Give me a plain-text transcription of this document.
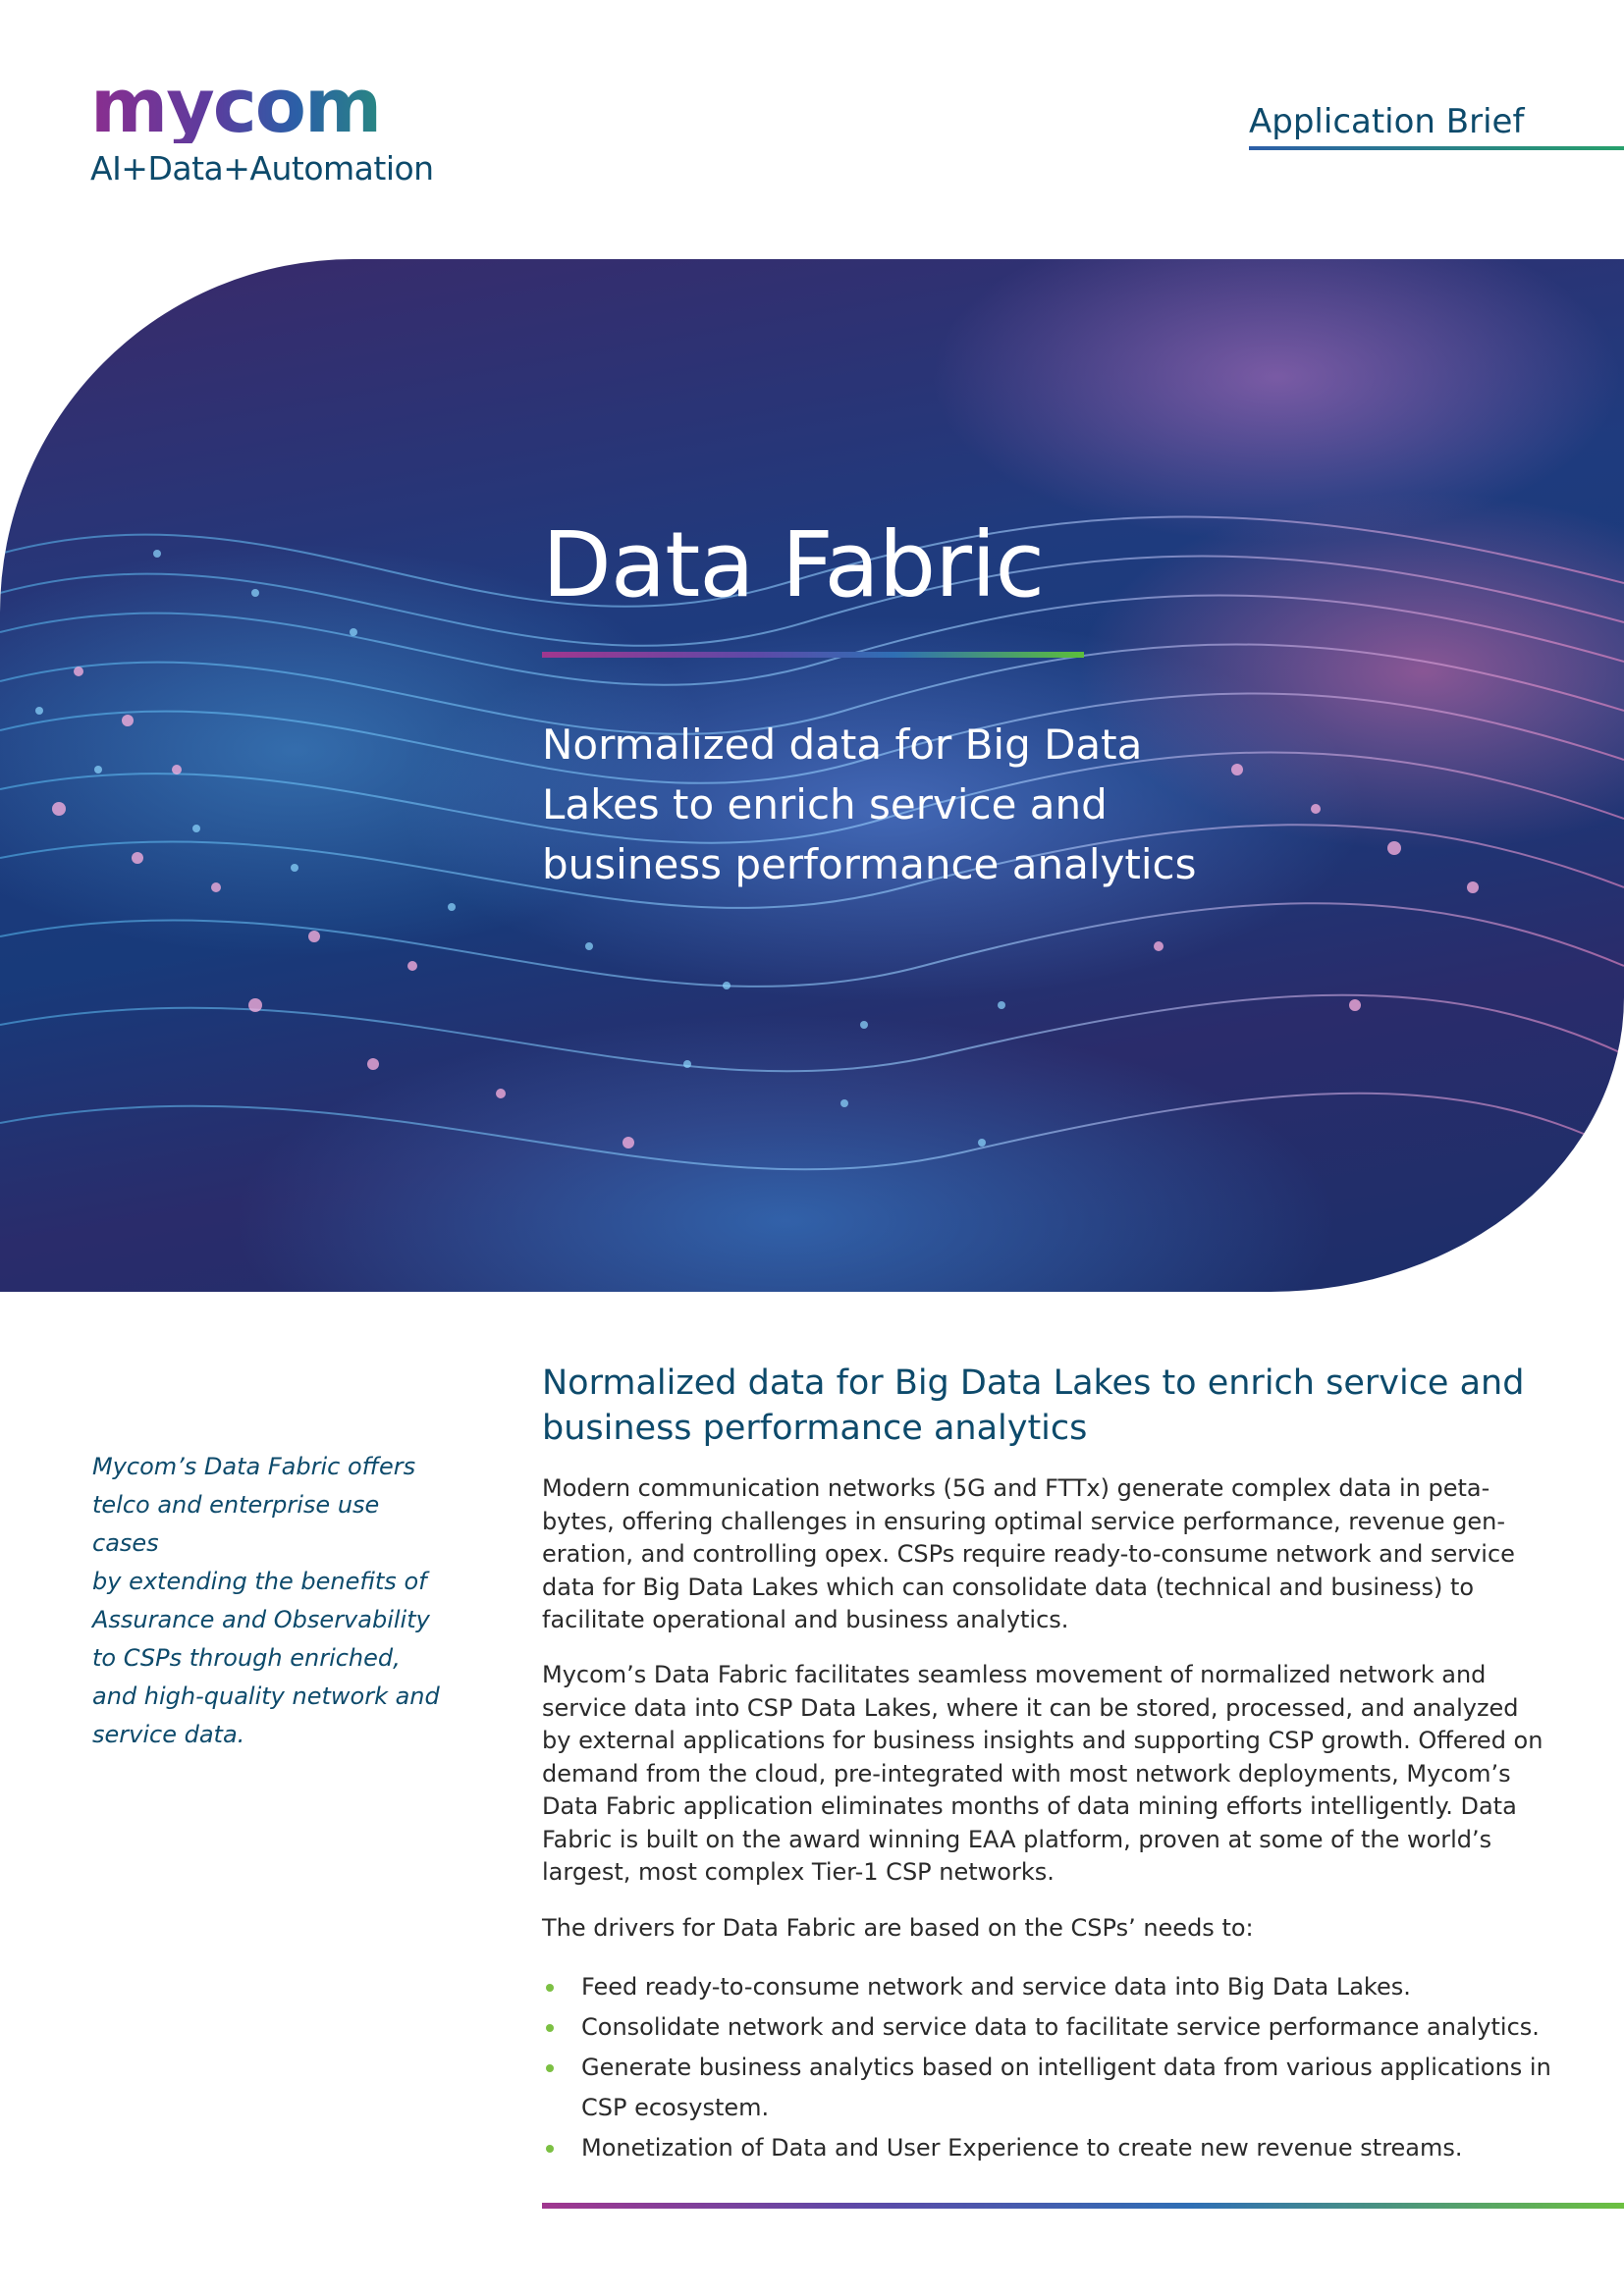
mycom
AI+Data+Automation
Application Brief
Data Fabric
Normalized data for Big Data
Lakes to enrich service and
business performance analytics
Mycom’s Data Fabric offers
telco and enterprise use cases
by extending the benefits of
Assurance and Observability
to CSPs through enriched,
and high-quality network and
service data.
Normalized data for Big Data Lakes to enrich service and
business performance analytics
Modern communication networks (5G and FTTx) generate complex data in peta-
bytes, offering challenges in ensuring optimal service performance, revenue gen-
eration, and controlling opex. CSPs require ready-to-consume network and service
data for Big Data Lakes which can consolidate data (technical and business) to
facilitate operational and business analytics.
Mycom’s Data Fabric facilitates seamless movement of normalized network and
service data into CSP Data Lakes, where it can be stored, processed, and analyzed
by external applications for business insights and supporting CSP growth. Offered on
demand from the cloud, pre-integrated with most network deployments, Mycom’s
Data Fabric application eliminates months of data mining efforts intelligently. Data
Fabric is built on the award winning EAA platform, proven at some of the world’s
largest, most complex Tier-1 CSP networks.
The drivers for Data Fabric are based on the CSPs’ needs to:
Feed ready-to-consume network and service data into Big Data Lakes.
Consolidate network and service data to facilitate service performance analytics.
Generate business analytics based on intelligent data from various applications in
CSP ecosystem.
Monetization of Data and User Experience to create new revenue streams.
